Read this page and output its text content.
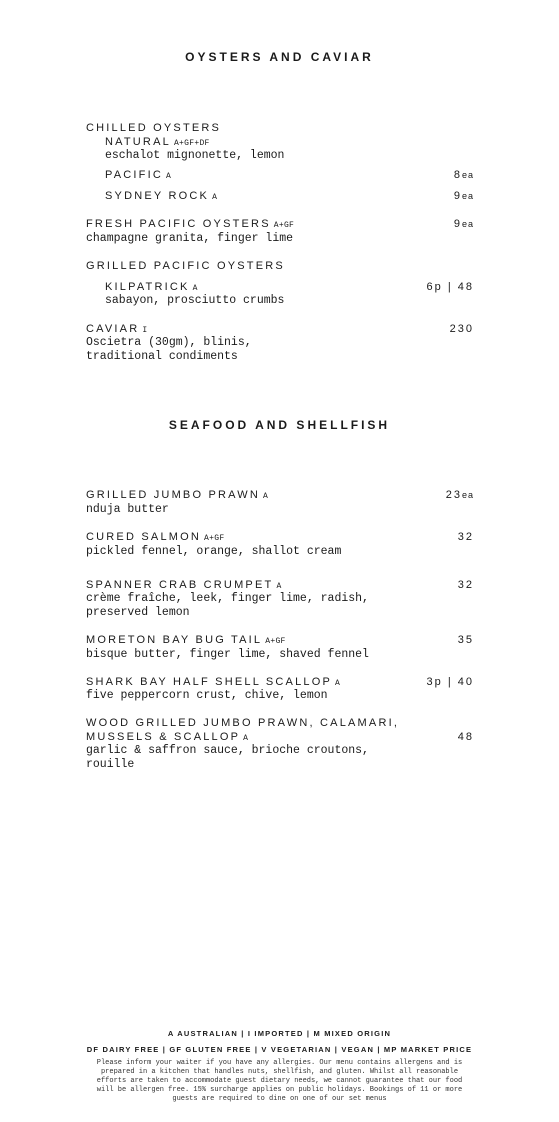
OYSTERS AND CAVIAR
CHILLED OYSTERS
NATURAL A+GF+DF
eschalot mignonette, lemon
PACIFIC A	8ea
SYDNEY ROCK A	9ea
FRESH PACIFIC OYSTERS A+GF	9ea
champagne granita, finger lime
GRILLED PACIFIC OYSTERS
KILPATRICK A	6p | 48
sabayon, prosciutto crumbs
CAVIAR I	230
Oscietra (30gm), blinis,
traditional condiments
SEAFOOD AND SHELLFISH
GRILLED JUMBO PRAWN A	23ea
nduja butter
CURED SALMON A+GF	32
pickled fennel, orange, shallot cream
SPANNER CRAB CRUMPET A	32
crème fraîche, leek, finger lime, radish,
preserved lemon
MORETON BAY BUG TAIL A+GF	35
bisque butter, finger lime, shaved fennel
SHARK BAY HALF SHELL SCALLOP A	3p | 40
five peppercorn crust, chive, lemon
WOOD GRILLED JUMBO PRAWN, CALAMARI,
MUSSELS & SCALLOP A	48
garlic & saffron sauce, brioche croutons,
rouille
A AUSTRALIAN | I IMPORTED | M MIXED ORIGIN
DF DAIRY FREE | GF GLUTEN FREE | V VEGETARIAN | VEGAN | MP MARKET PRICE
Please inform your waiter if you have any allergies. Our menu contains allergens and is
prepared in a kitchen that handles nuts, shellfish, and gluten. Whilst all reasonable
efforts are taken to accommodate guest dietary needs, we cannot guarantee that our food
will be allergen free. 15% surcharge applies on public holidays. Bookings of 11 or more
guests are required to dine on one of our set menus
